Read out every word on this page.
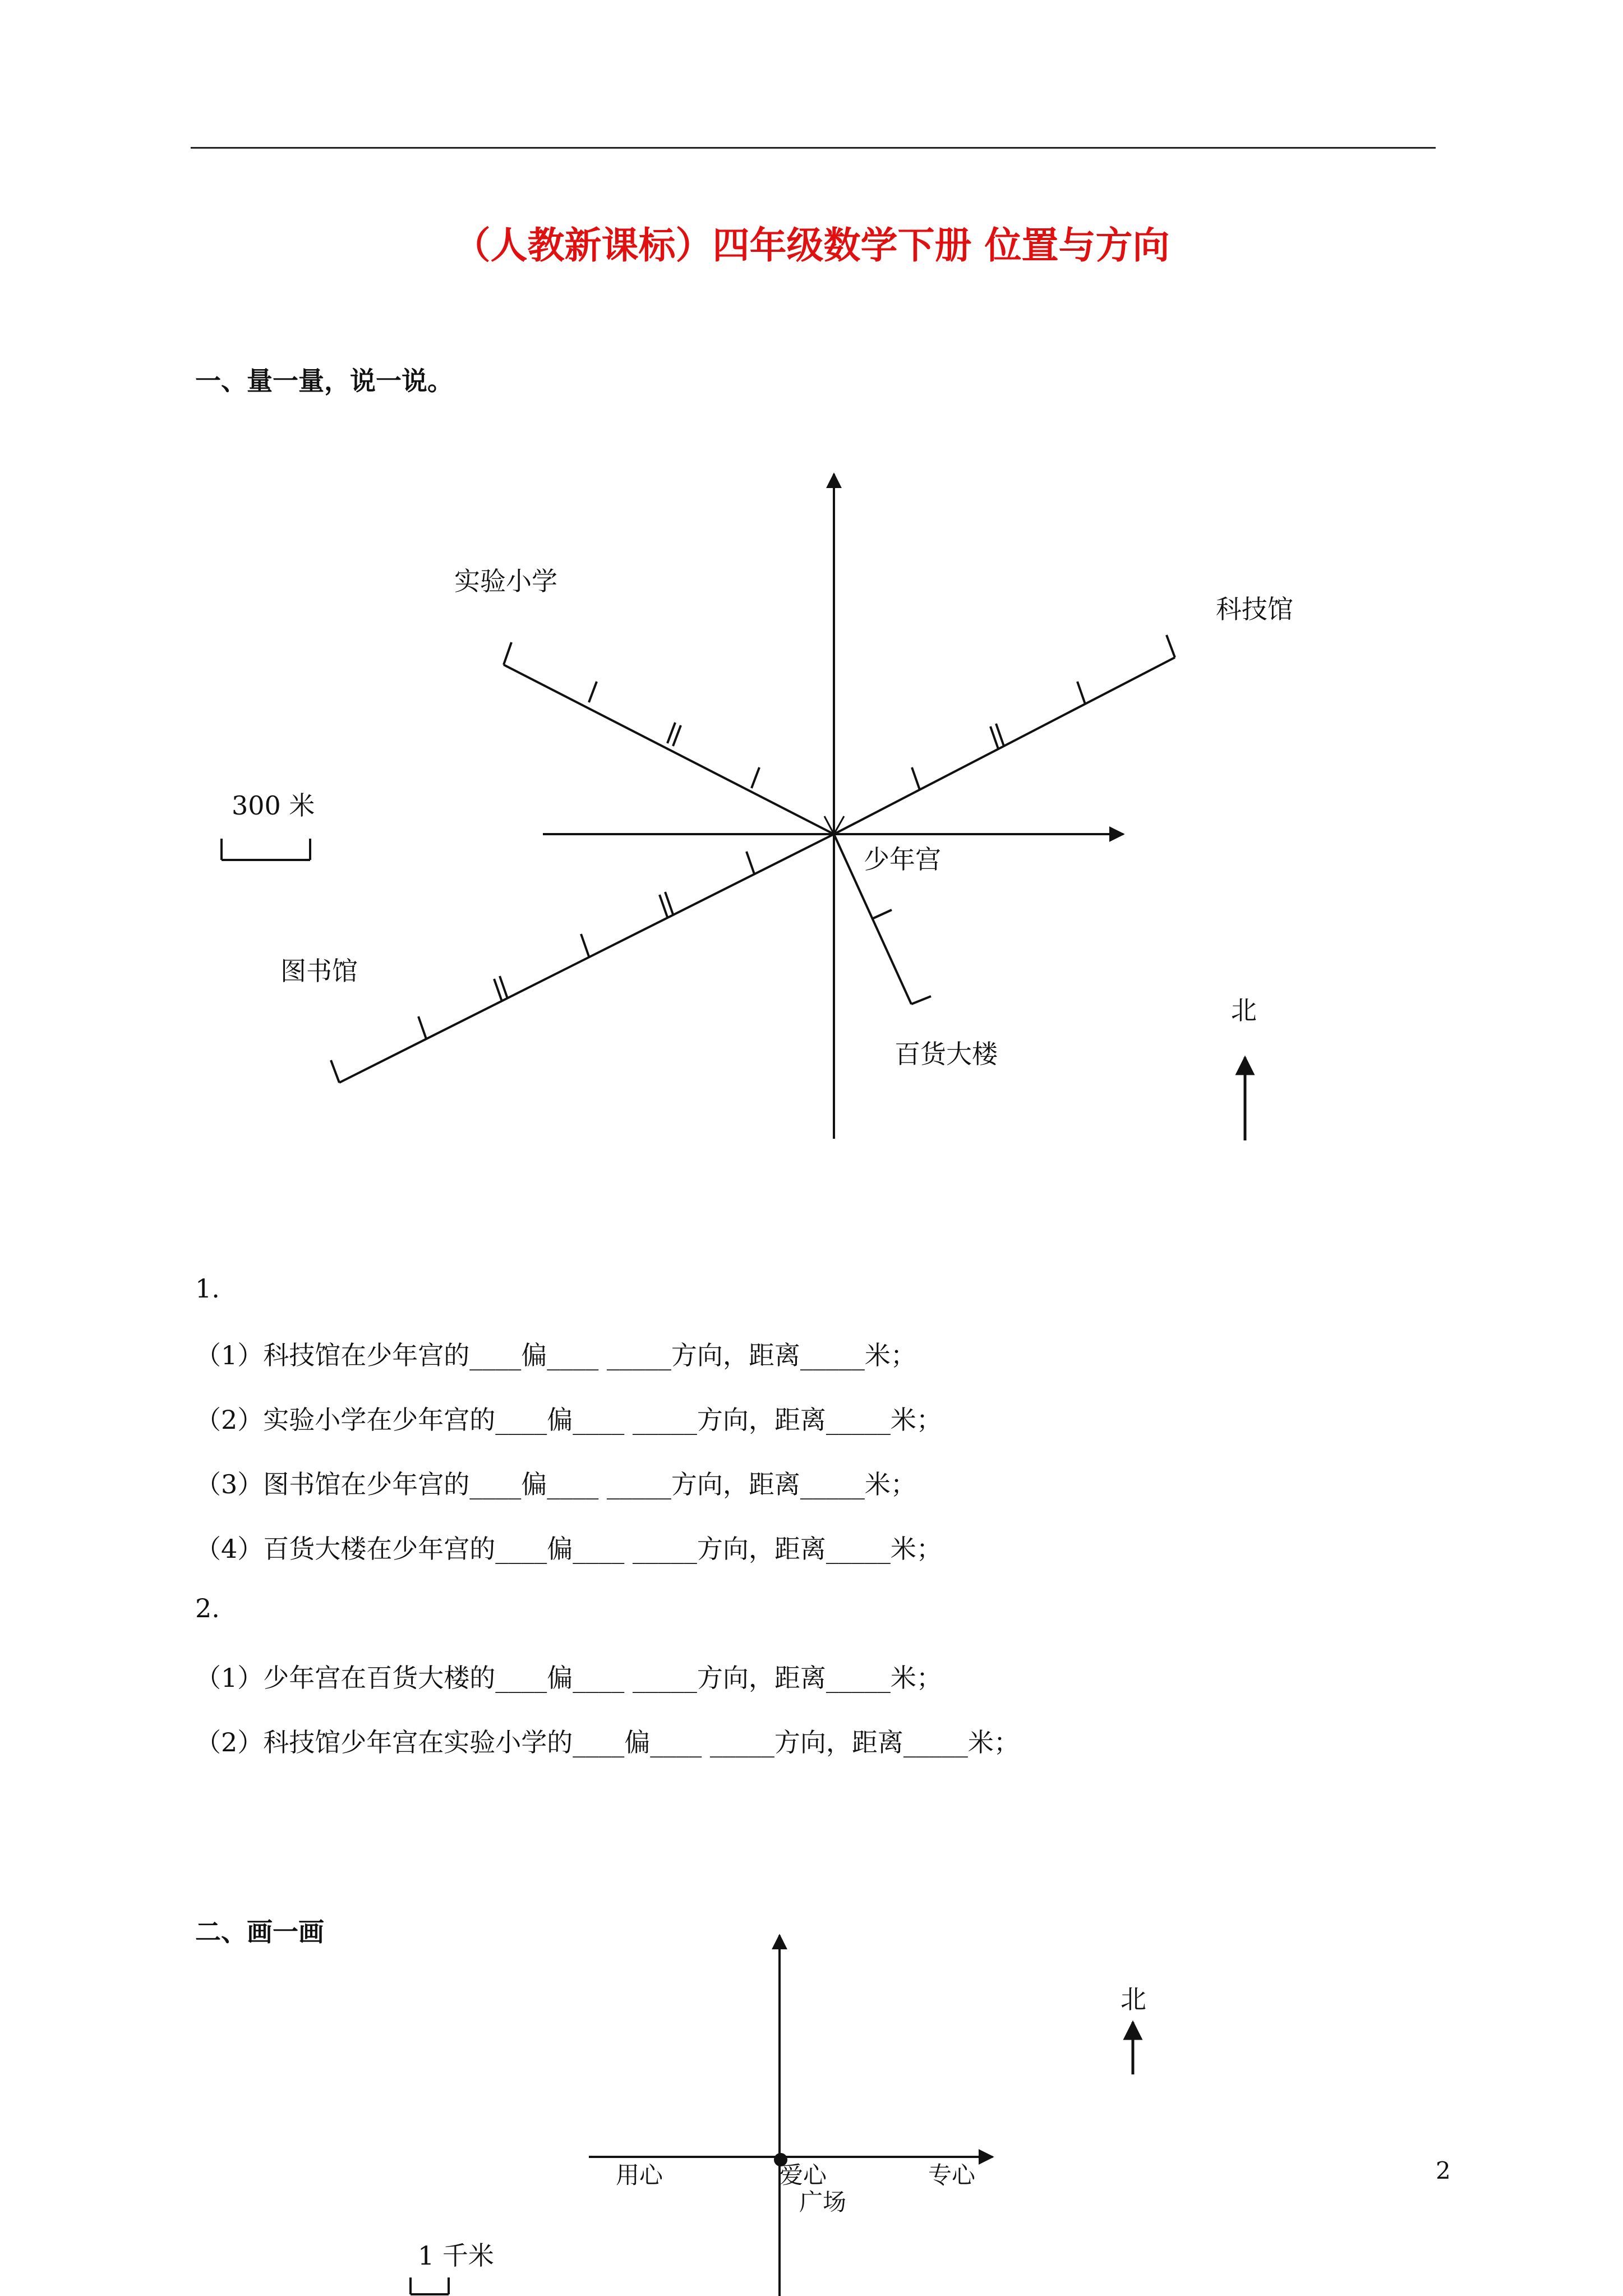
（人教新课标）四年级数学下册 位置与方向
一、量一量，说一说。
实验小学
科技馆
少年宫
图书馆
百货大楼
300 米
北
1.
（1）科技馆在少年宫的____偏____ _____方向，距离_____米；
（2）实验小学在少年宫的____偏____ _____方向，距离_____米；
（3）图书馆在少年宫的____偏____ _____方向，距离_____米；
（4）百货大楼在少年宫的____偏____ _____方向，距离_____米；
2.
（1）少年宫在百货大楼的____偏____ _____方向，距离_____米；
（2）科技馆少年宫在实验小学的____偏____ _____方向，距离_____米；
二、画一画
北
用心	爱心
广场
专心
1 千米
2
